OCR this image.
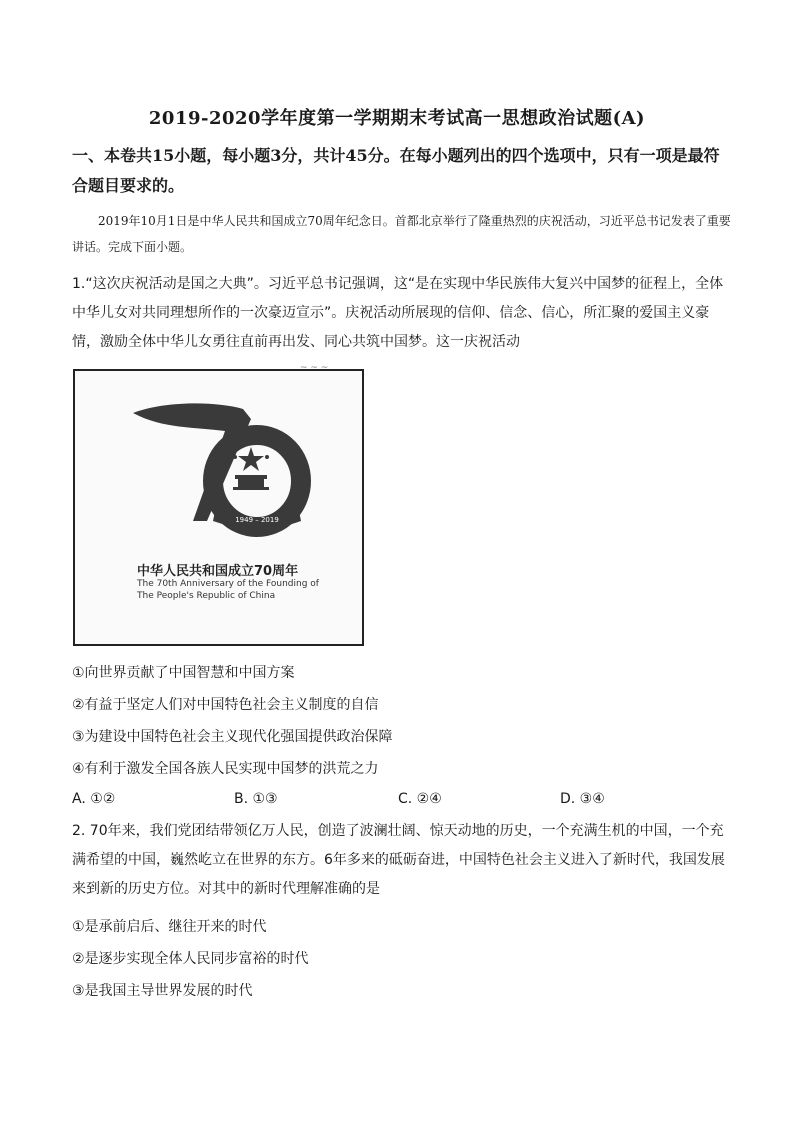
2019-2020学年度第一学期期末考试高一思想政治试题(A)
一、本卷共15小题，每小题3分，共计45分。在每小题列出的四个选项中，只有一项是最符合题目要求的。
2019年10月1日是中华人民共和国成立70周年纪念日。首都北京举行了隆重热烈的庆祝活动，习近平总书记发表了重要讲话。完成下面小题。
1.“这次庆祝活动是国之大典”。习近平总书记强调，这“是在实现中华民族伟大复兴中国梦的征程上，全体中华儿女对共同理想所作的一次豪迈宣示”。庆祝活动所展现的信仰、信念、信心，所汇聚的爱国主义豪情，激励全体中华儿女勇往直前再出发、同心共筑中国梦。这一庆祝活动
~ ~ ~
1949 – 2019
中华人民共和国成立70周年
The 70th Anniversary of the Founding of
The People's Republic of China
①向世界贡献了中国智慧和中国方案
②有益于坚定人们对中国特色社会主义制度的自信
③为建设中国特色社会主义现代化强国提供政治保障
④有利于激发全国各族人民实现中国梦的洪荒之力
A. ①②	B. ①③	C. ②④	D. ③④
2. 70年来，我们党团结带领亿万人民，创造了波澜壮阔、惊天动地的历史，一个充满生机的中国，一个充满希望的中国，巍然屹立在世界的东方。6年多来的砥砺奋进，中国特色社会主义进入了新时代，我国发展来到新的历史方位。对其中的新时代理解准确的是
①是承前启后、继往开来的时代
②是逐步实现全体人民同步富裕的时代
③是我国主导世界发展的时代
